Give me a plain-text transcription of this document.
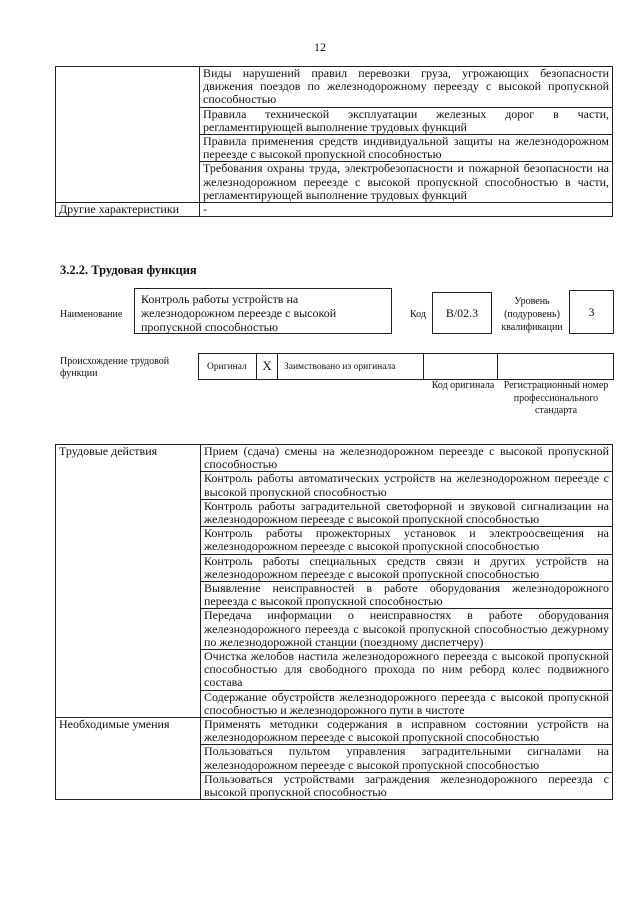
12
	Виды нарушений правил перевозки груза, угрожающих безопасности движения поездов по железнодорожному переезду с высокой пропускной способностью
	Правила технической эксплуатации железных дорог в части, регламентирующей выполнение трудовых функций
	Правила применения средств индивидуальной защиты на железнодорожном переезде с высокой пропускной способностью
	Требования охраны труда, электробезопасности и пожарной безопасности на железнодорожном переезде с высокой пропускной способностью в части, регламентирующей выполнение трудовых функций
Другие характеристики	-
3.2.2. Трудовая функция
Наименование
Контроль работы устройств на железнодорожном переезде с высокой пропускной способностью
Код	В/02.3
Уровень (подуровень) квалификации
3
Происхождение трудовой функции
Оригинал	X	Заимствовано из оригинала
Код оригинала Регистрационный номер профессионального стандарта
Трудовые действия	Прием (сдача) смены на железнодорожном переезде с высокой пропускной способностью
	Контроль работы автоматических устройств на железнодорожном переезде с высокой пропускной способностью
	Контроль работы заградительной светофорной и звуковой сигнализации на железнодорожном переезде с высокой пропускной способностью
	Контроль работы прожекторных установок и электроосвещения на железнодорожном переезде с высокой пропускной способностью
	Контроль работы специальных средств связи и других устройств на железнодорожном переезде с высокой пропускной способностью
	Выявление неисправностей в работе оборудования железнодорожного переезда с высокой пропускной способностью
	Передача информации о неисправностях в работе оборудования железнодорожного переезда с высокой пропускной способностью дежурному по железнодорожной станции (поездному диспетчеру)
	Очистка желобов настила железнодорожного переезда с высокой пропускной способностью для свободного прохода по ним реборд колес подвижного состава
	Содержание обустройств железнодорожного переезда с высокой пропускной способностью и железнодорожного пути в чистоте
Необходимые умения	Применять методики содержания в исправном состоянии устройств на железнодорожном переезде с высокой пропускной способностью
	Пользоваться пультом управления заградительными сигналами на железнодорожном переезде с высокой пропускной способностью
	Пользоваться устройствами заграждения железнодорожного переезда с высокой пропускной способностью
